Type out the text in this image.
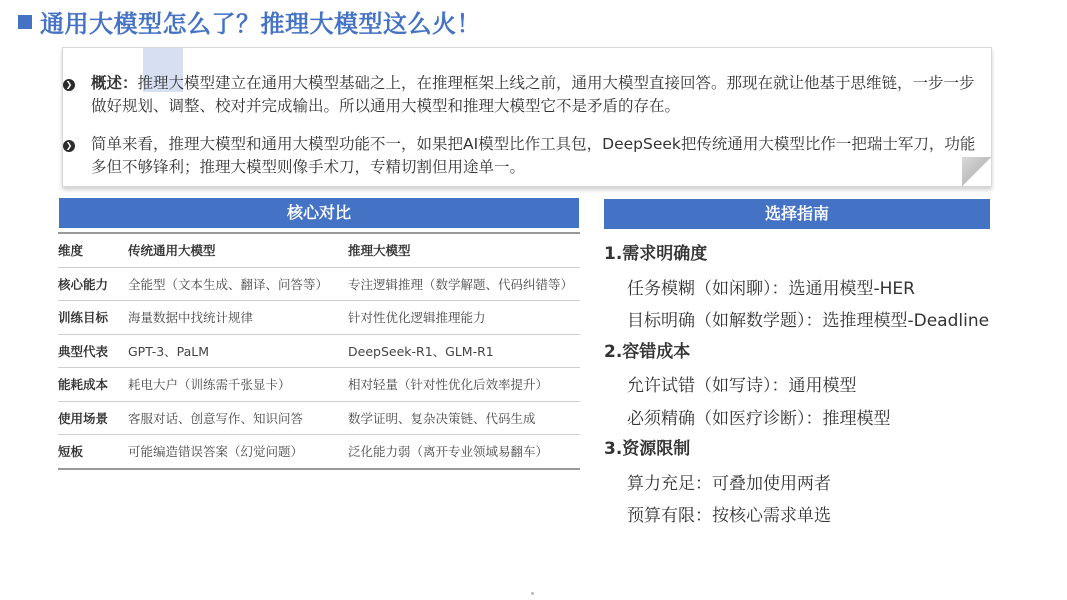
通用大模型怎么了？推理大模型这么火！
❯ 概述：推理大模型建立在通用大模型基础之上，在推理框架上线之前，通用大模型直接回答。那现在就让他基于思维链，一步一步做好规划、调整、校对并完成输出。所以通用大模型和推理大模型它不是矛盾的存在。
❯ 简单来看，推理大模型和通用大模型功能不一，如果把AI模型比作工具包，DeepSeek把传统通用大模型比作一把瑞士军刀，功能多但不够锋利；推理大模型则像手术刀，专精切割但用途单一。
核心对比
维度	传统通用大模型	推理大模型
核心能力	全能型（文本生成、翻译、问答等）	专注逻辑推理（数学解题、代码纠错等）
训练目标	海量数据中找统计规律	针对性优化逻辑推理能力
典型代表	GPT-3、PaLM	DeepSeek-R1、GLM-R1
能耗成本	耗电大户（训练需千张显卡）	相对轻量（针对性优化后效率提升）
使用场景	客服对话、创意写作、知识问答	数学证明、复杂决策链、代码生成
短板	可能编造错误答案（幻觉问题）	泛化能力弱（离开专业领域易翻车）
选择指南
1.需求明确度
任务模糊（如闲聊）：选通用模型-HER
目标明确（如解数学题）：选推理模型-Deadline
2.容错成本
允许试错（如写诗）：通用模型
必须精确（如医疗诊断）：推理模型
3.资源限制
算力充足：可叠加使用两者
预算有限：按核心需求单选
